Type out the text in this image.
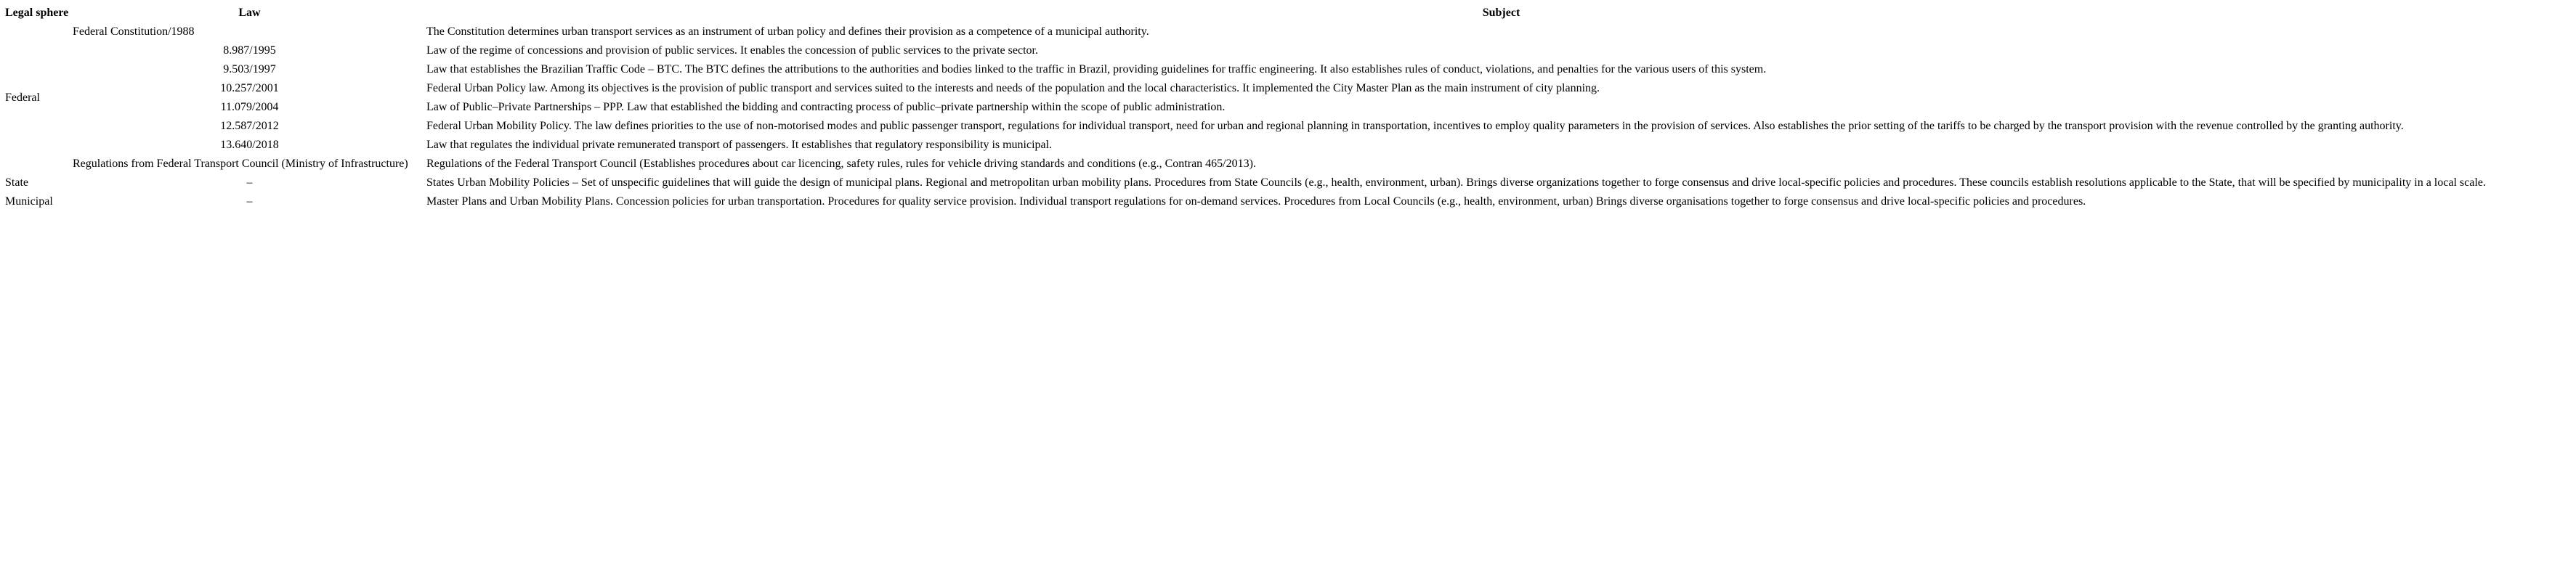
Legal sphere	Law	Subject
Federal	Federal Constitution/1988	The Constitution determines urban transport services as an instrument of urban policy and defines their provision as a competence of a municipal authority.
	8.987/1995	Law of the regime of concessions and provision of public services. It enables the concession of public services to the private sector.
	9.503/1997	Law that establishes the Brazilian Traffic Code – BTC. The BTC defines the attributions to the authorities and bodies linked to the traffic in Brazil, providing guidelines for traffic engineering. It also establishes rules of conduct, violations, and penalties for the various users of this system.
	10.257/2001	Federal Urban Policy law. Among its objectives is the provision of public transport and services suited to the interests and needs of the population and the local characteristics. It implemented the City Master Plan as the main instrument of city planning.
	11.079/2004	Law of Public–Private Partnerships – PPP. Law that established the bidding and contracting process of public–private partnership within the scope of public administration.
	12.587/2012	Federal Urban Mobility Policy. The law defines priorities to the use of non-motorised modes and public passenger transport, regulations for individual transport, need for urban and regional planning in transportation, incentives to employ quality parameters in the provision of services. Also establishes the prior setting of the tariffs to be charged by the transport provision with the revenue controlled by the granting authority.
	13.640/2018	Law that regulates the individual private remunerated transport of passengers. It establishes that regulatory responsibility is municipal.
	Regulations from Federal Transport Council (Ministry of Infrastructure)	Regulations of the Federal Transport Council (Establishes procedures about car licencing, safety rules, rules for vehicle driving standards and conditions (e.g., Contran 465/2013).
State	–	States Urban Mobility Policies – Set of unspecific guidelines that will guide the design of municipal plans. Regional and metropolitan urban mobility plans. Procedures from State Councils (e.g., health, environment, urban). Brings diverse organizations together to forge consensus and drive local-specific policies and procedures. These councils establish resolutions applicable to the State, that will be specified by municipality in a local scale.
Municipal	–	Master Plans and Urban Mobility Plans. Concession policies for urban transportation. Procedures for quality service provision. Individual transport regulations for on-demand services. Procedures from Local Councils (e.g., health, environment, urban) Brings diverse organisations together to forge consensus and drive local-specific policies and procedures.
